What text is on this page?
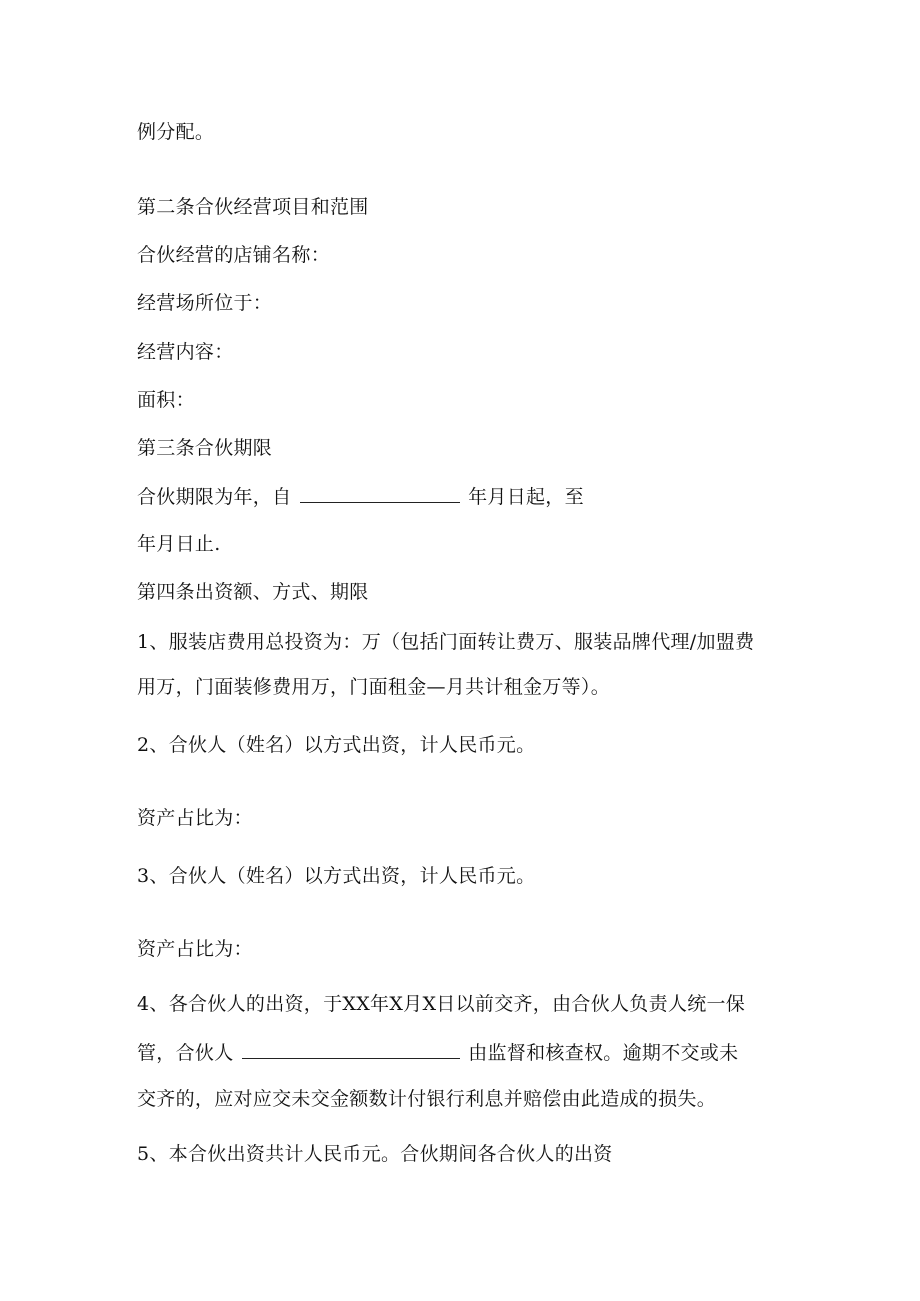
例分配。
第二条合伙经营项目和范围
合伙经营的店铺名称：
经营场所位于：
经营内容：
面积：
第三条合伙期限
合伙期限为年，自	年月日起，至
年月日止.
第四条出资额、方式、期限
1、服装店费用总投资为：万（包括门面转让费万、服装品牌代理/加盟费
用万，门面装修费用万，门面租金—月共计租金万等）。
2、合伙人（姓名）以方式出资，计人民币元。
资产占比为：
3、合伙人（姓名）以方式出资，计人民币元。
资产占比为：
4、各合伙人的出资，于XX年X月X日以前交齐，由合伙人负责人统一保
管，合伙人	由监督和核查权。逾期不交或未
交齐的，应对应交未交金额数计付银行利息并赔偿由此造成的损失。
5、本合伙出资共计人民币元。合伙期间各合伙人的出资
